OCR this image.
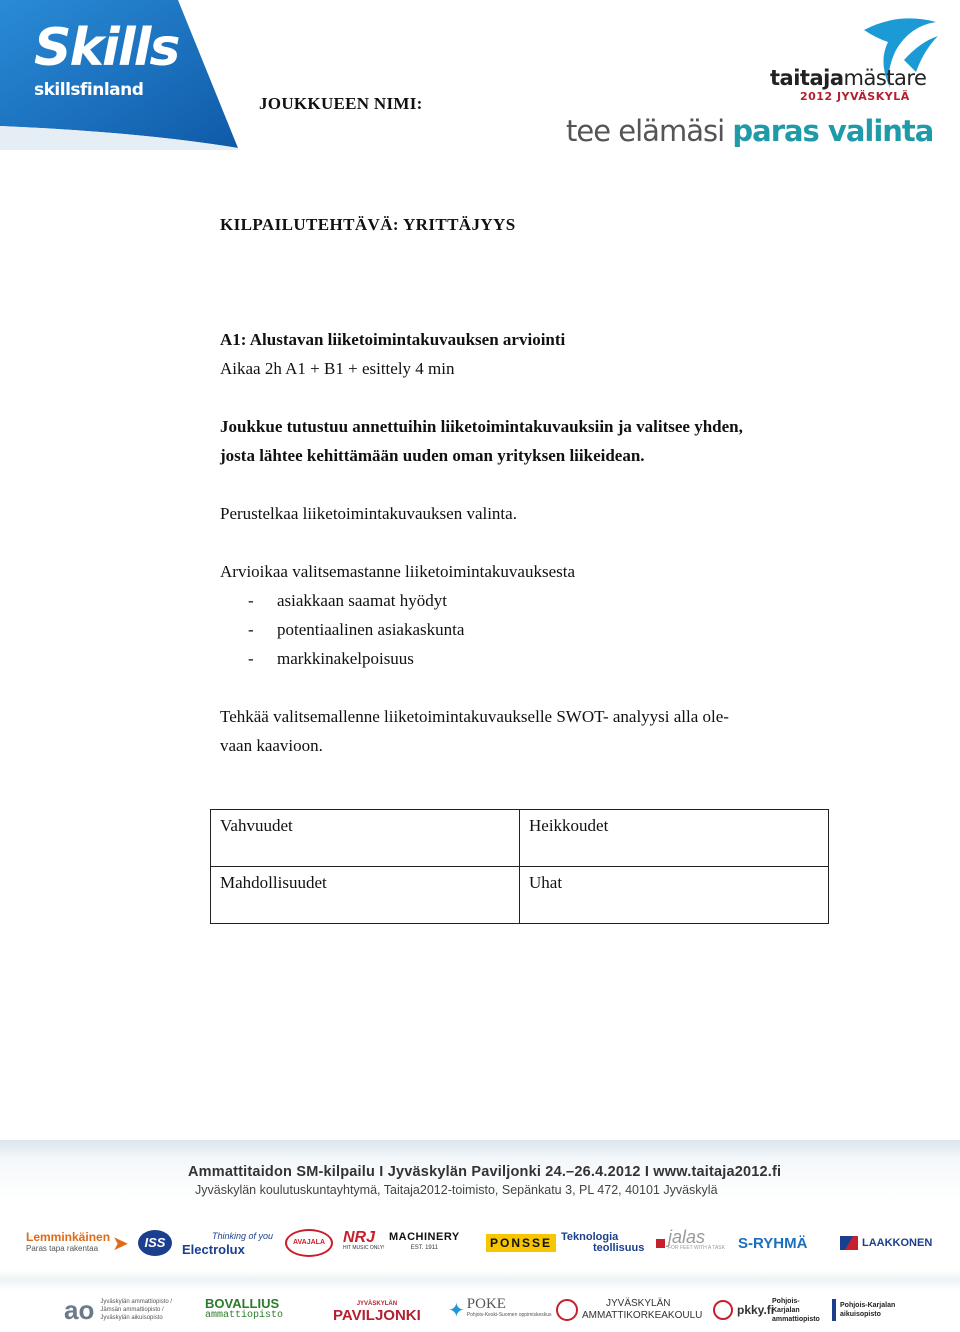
Skills
skillsfinland
JOUKKUEEN NIMI:
taitajamästare
2012 JYVÄSKYLÄ
tee elämäsi paras valinta
KILPAILUTEHTÄVÄ: YRITTÄJYYS
A1: Alustavan liiketoimintakuvauksen arviointi
Aikaa 2h A1 + B1 + esittely 4 min
Joukkue tutustuu annettuihin liiketoimintakuvauksiin ja valitsee yhden,
josta lähtee kehittämään uuden oman yrityksen liikeidean.
Perustelkaa liiketoimintakuvauksen valinta.
Arvioikaa valitsemastanne liiketoimintakuvauksesta
- asiakkaan saamat hyödyt
- potentiaalinen asiakaskunta
- markkinakelpoisuus
Tehkää valitsemallenne liiketoimintakuvaukselle SWOT- analyysi alla ole-
vaan kaavioon.
Vahvuudet	Heikkoudet
Mahdollisuudet	Uhat
Ammattitaidon SM-kilpailu I Jyväskylän Paviljonki 24.–26.4.2012 I www.taitaja2012.fi
Jyväskylän koulutuskuntayhtymä, Taitaja2012-toimisto, Sepänkatu 3, PL 472, 40101 Jyväskylä
Lemminkäinen
Paras tapa rakentaa ➤	ISS	Thinking of you
Electrolux	AVAJALA	NRJ
HIT MUSIC ONLY!
MACHINERY
EST. 1911	PONSSE Teknologia
teollisuus
jalas
FOR FEET WITH A TASK S-RYHMÄ	LAAKKONEN
ao Jyväskylän ammattiopisto / Jämsän ammattiopisto / Jyväskylän aikuisopisto
BOVALLIUS
ammattiopisto
JYVÄSKYLÄN
PAVILJONKI ✦ POKE
Pohjois-Keski-Suomen oppimiskeskus
JYVÄSKYLÄN
AMMATTIKORKEAKOULU	pkky.fi
Pohjois-Karjalan ammattiopisto
Pohjois-Karjalan aikuisopisto
